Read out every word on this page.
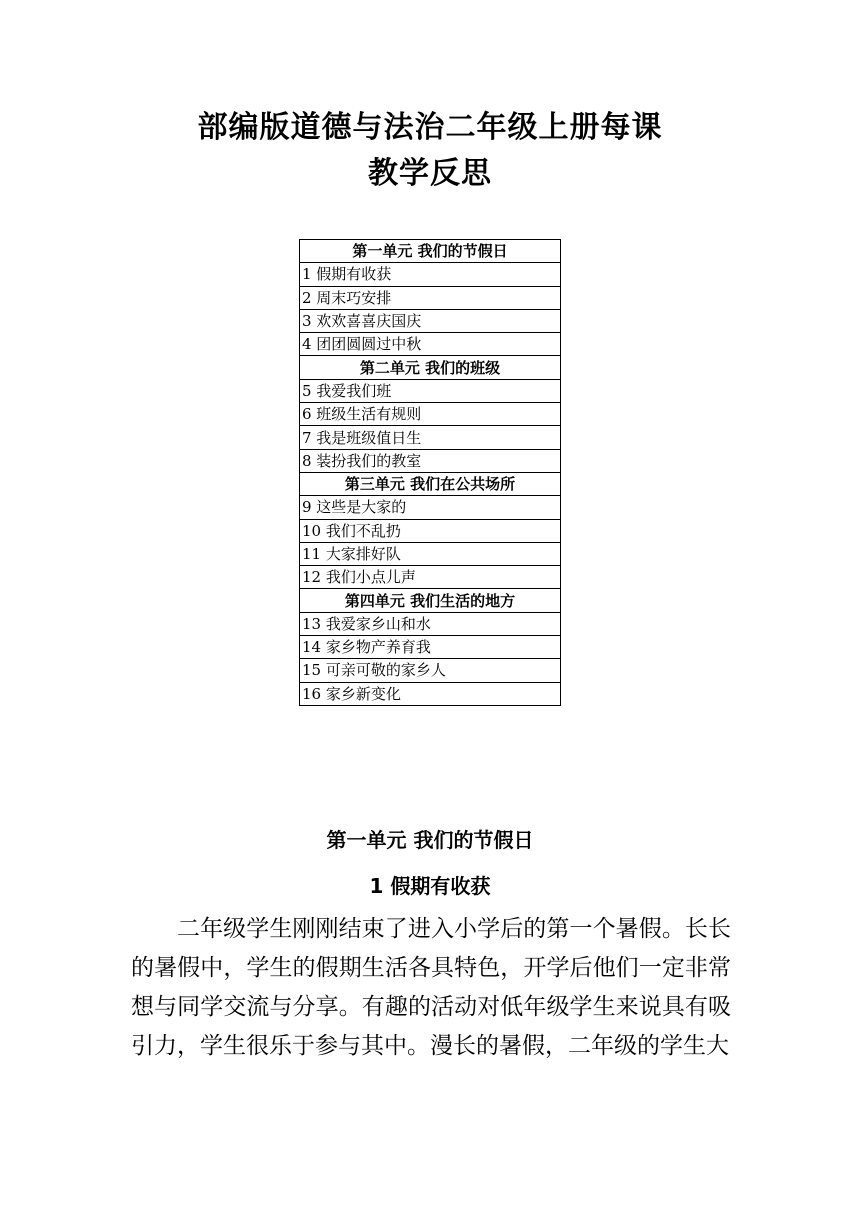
部编版道德与法治二年级上册每课
教学反思
第一单元 我们的节假日
1 假期有收获
2 周末巧安排
3 欢欢喜喜庆国庆
4 团团圆圆过中秋
第二单元 我们的班级
5 我爱我们班
6 班级生活有规则
7 我是班级值日生
8 装扮我们的教室
第三单元 我们在公共场所
9 这些是大家的
10 我们不乱扔
11 大家排好队
12 我们小点儿声
第四单元 我们生活的地方
13 我爱家乡山和水
14 家乡物产养育我
15 可亲可敬的家乡人
16 家乡新变化
第一单元 我们的节假日
1 假期有收获

二年级学生刚刚结束了进入小学后的第一个暑假。长长的暑假中，学生的假期生活各具特色，开学后他们一定非常想与同学交流与分享。有趣的活动对低年级学生来说具有吸引力，学生很乐于参与其中。漫长的暑假，二年级的学生大
